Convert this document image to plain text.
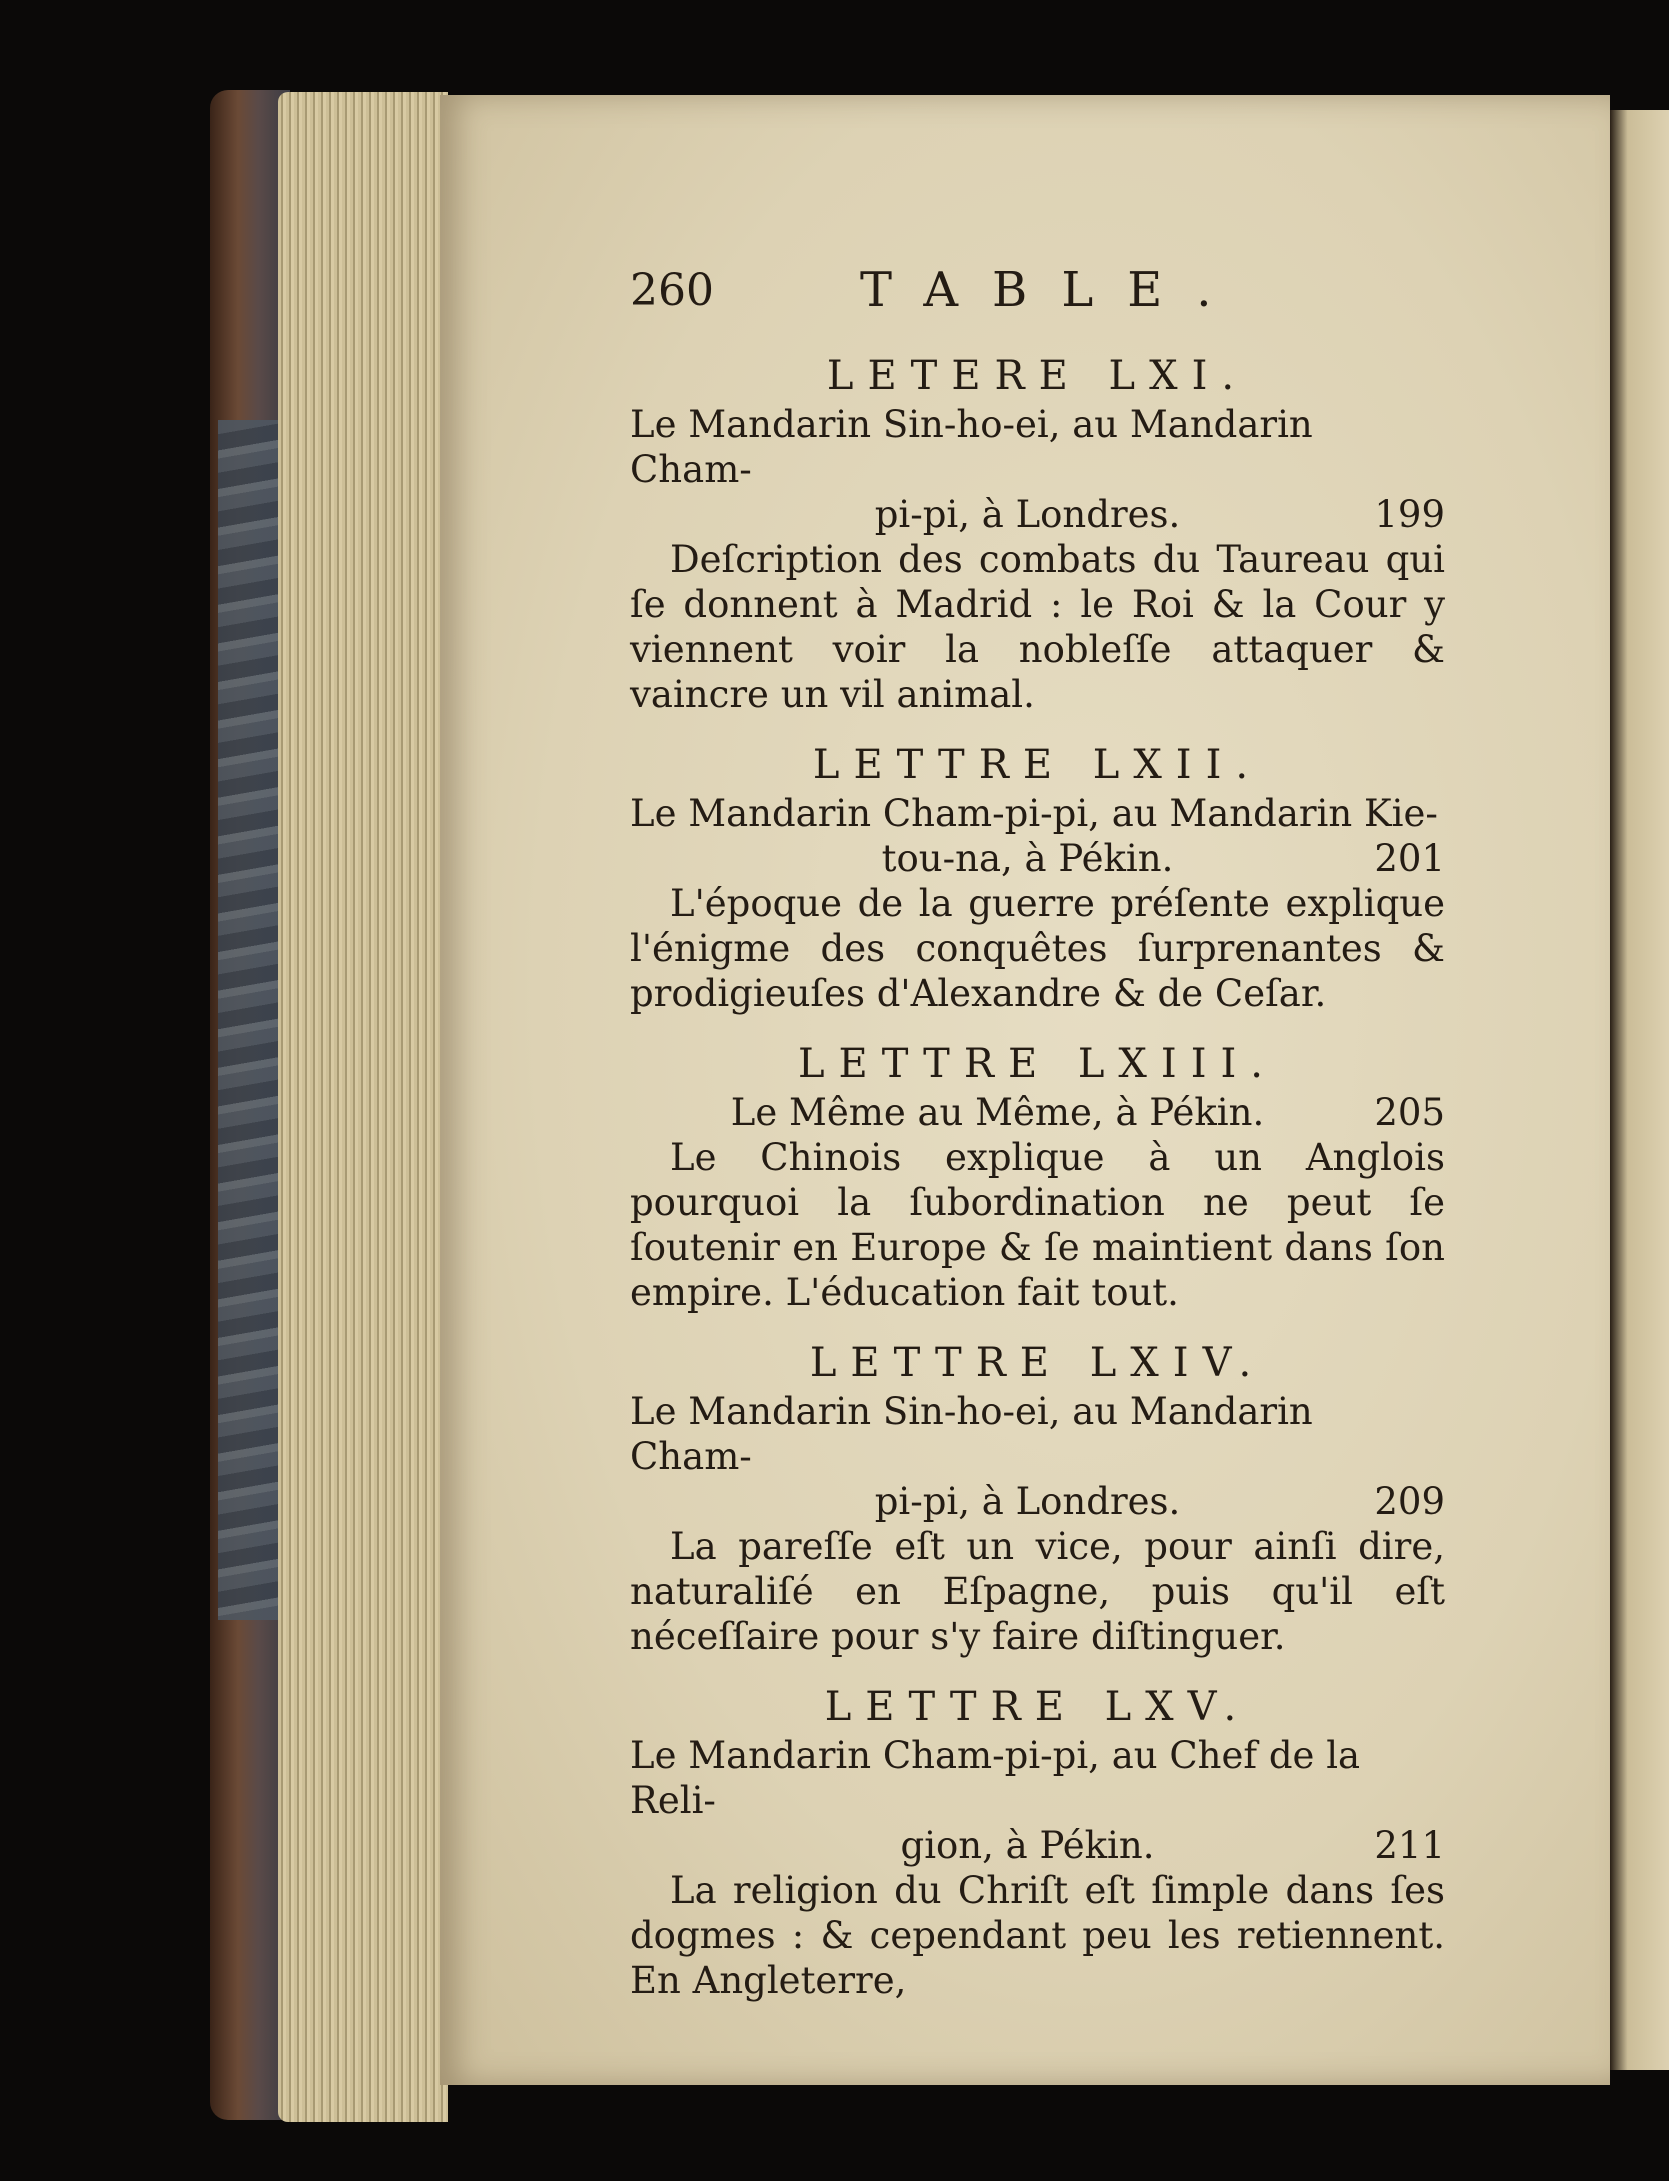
260	TABLE.
LETERE LXI.
Le Mandarin Sin-ho-ei, au Mandarin Cham-
pi-pi, à Londres.	199

Deſcription des combats du Taureau qui ſe donnent à Madrid : le Roi & la Cour y viennent voir la nobleſſe attaquer & vaincre un vil animal.

LETTRE LXII.
Le Mandarin Cham-pi-pi, au Mandarin Kie-
tou-na, à Pékin.	201

L'époque de la guerre préſente explique l'énigme des conquêtes ſurprenantes & prodigieuſes d'Alexandre & de Ceſar.

LETTRE LXIII.
Le Même au Même, à Pékin.	205

Le Chinois explique à un Anglois pourquoi la ſubordination ne peut ſe ſoutenir en Europe & ſe maintient dans ſon empire. L'éducation fait tout.

LETTRE LXIV.
Le Mandarin Sin-ho-ei, au Mandarin Cham-
pi-pi, à Londres.	209

La pareſſe eſt un vice, pour ainſi dire, naturaliſé en Eſpagne, puis qu'il eſt néceſſaire pour s'y faire diſtinguer.

LETTRE LXV.
Le Mandarin Cham-pi-pi, au Chef de la Reli-
gion, à Pékin.	211

La religion du Chriſt eſt ſimple dans ſes dogmes : & cependant peu les retiennent. En Angleterre,
